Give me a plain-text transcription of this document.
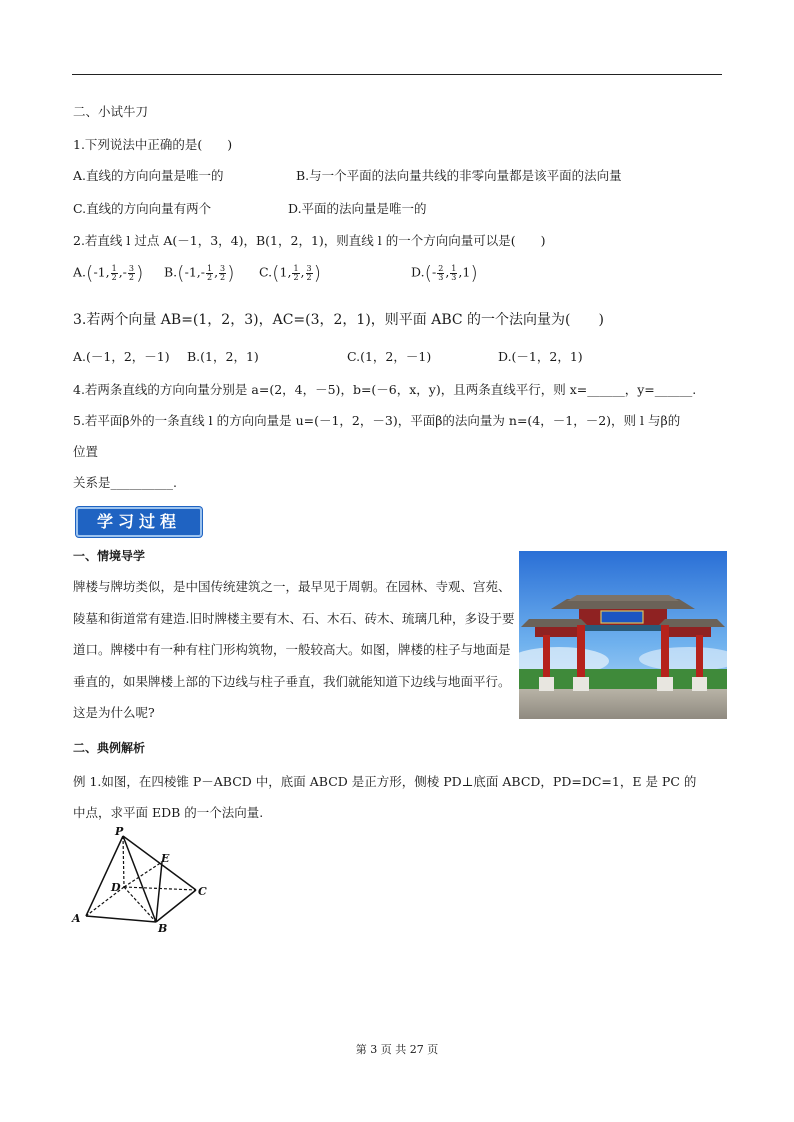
二、小试牛刀
1.下列说法中正确的是(　　)
A.直线的方向向量是唯一的	B.与一个平面的法向量共线的非零向量都是该平面的法向量
C.直线的方向向量有两个	D.平面的法向量是唯一的
2.若直线 l 过点 A(－1，3，4)，B(1，2，1)，则直线 l 的一个方向向量可以是(　　)
A.(-1, $\frac{1}{2}$ ,- $\frac{3}{2}$ ) $B.(-1,- \frac{1}{2}$ , $\frac{3}{2}$ ) C.(1, $\frac{1}{2}$ , $\frac{3}{2}$ )	$D.(- \frac{2}{3}$ , $\frac{1}{3} ,1$)
3.若两个向量 AB=(1，2，3)，AC=(3，2，1)，则平面 ABC 的一个法向量为(　　)
A.(－1，2，－1) B.(1，2，1)	C.(1，2，－1)	D.(－1，2，1)
4.若两条直线的方向向量分别是 a=(2，4，－5)，b=(－6，x，y)，且两条直线平行，则 x=______，y=______.
5.若平面β外的一条直线 l 的方向向量是 u=(－1，2，－3)，平面β的法向量为 n=(4，－1，－2)，则 l 与β的
位置
关系是__________.
学习过程
一、情境导学
牌楼与牌坊类似，是中国传统建筑之一，最早见于周朝。在园林、寺观、宫苑、陵墓和街道常有建造.旧时牌楼主要有木、石、木石、砖木、琉璃几种，多设于要道口。牌楼中有一种有柱门形构筑物，一般较高大。如图，牌楼的柱子与地面是垂直的，如果牌楼上部的下边线与柱子垂直，我们就能知道下边线与地面平行。这是为什么呢?
二、典例解析
例 1.如图，在四棱锥 P－ABCD 中，底面 ABCD 是正方形，侧棱 PD⊥底面 ABCD，PD=DC=1，E 是 PC 的
中点，求平面 EDB 的一个法向量.
P
E
D	C
A
B
第 3 页 共 27 页
